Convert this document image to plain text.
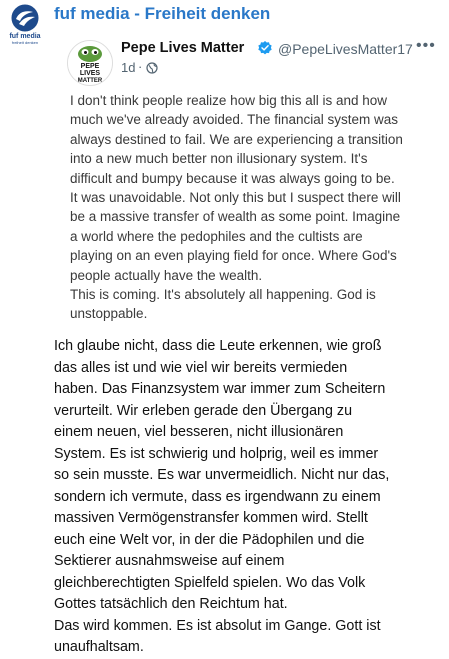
fuf media
freiheit denken
fuf media - Freiheit denken
PEPE
LIVES
MATTER
Pepe Lives Matter @PepeLivesMatter17 •••
1d ·
I don't think people realize how big this all is and how
much we've already avoided. The financial system was
always destined to fail. We are experiencing a transition
into a new much better non illusionary system. It's
difficult and bumpy because it was always going to be.
It was unavoidable. Not only this but I suspect there will
be a massive transfer of wealth as some point. Imagine
a world where the pedophiles and the cultists are
playing on an even playing field for once. Where God's
people actually have the wealth.
This is coming. It's absolutely all happening. God is
unstoppable.
Ich glaube nicht, dass die Leute erkennen, wie groß
das alles ist und wie viel wir bereits vermieden
haben. Das Finanzsystem war immer zum Scheitern
verurteilt. Wir erleben gerade den Übergang zu
einem neuen, viel besseren, nicht illusionären
System. Es ist schwierig und holprig, weil es immer
so sein musste. Es war unvermeidlich. Nicht nur das,
sondern ich vermute, dass es irgendwann zu einem
massiven Vermögenstransfer kommen wird. Stellt
euch eine Welt vor, in der die Pädophilen und die
Sektierer ausnahmsweise auf einem
gleichberechtigten Spielfeld spielen. Wo das Volk
Gottes tatsächlich den Reichtum hat.
Das wird kommen. Es ist absolut im Gange. Gott ist
unaufhaltsam.
